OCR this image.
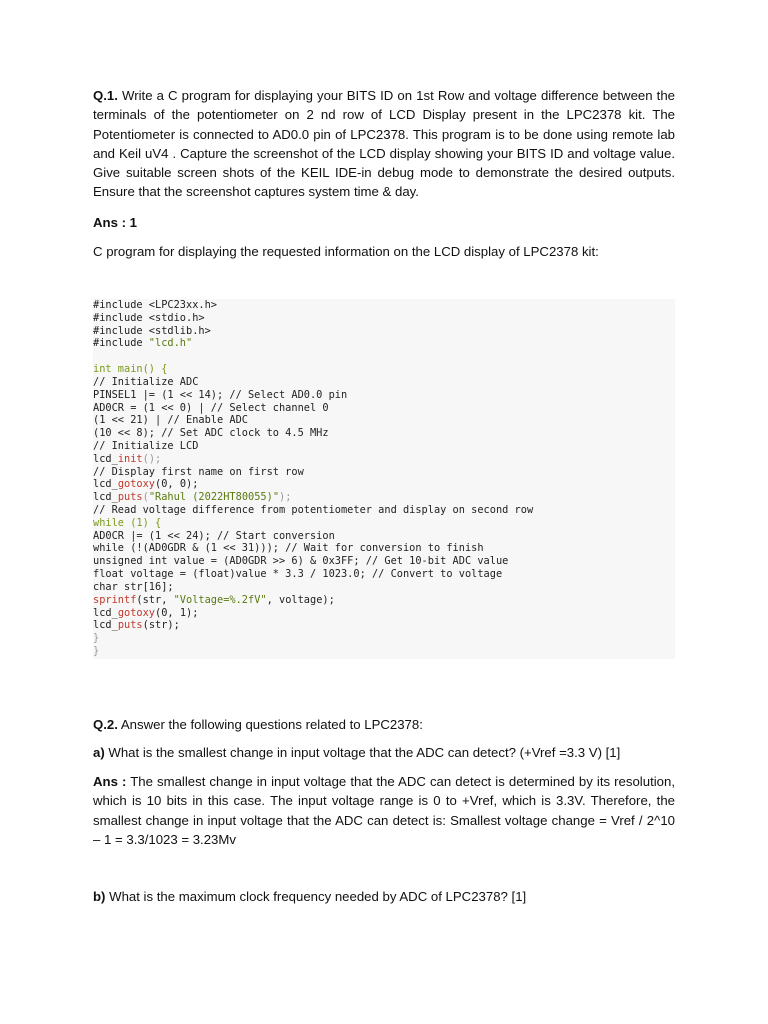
Q.1. Write a C program for displaying your BITS ID on 1st Row and voltage difference between the terminals of the potentiometer on 2 nd row of LCD Display present in the LPC2378 kit. The Potentiometer is connected to AD0.0 pin of LPC2378. This program is to be done using remote lab and Keil uV4 . Capture the screenshot of the LCD display showing your BITS ID and voltage value. Give suitable screen shots of the KEIL IDE-in debug mode to demonstrate the desired outputs. Ensure that the screenshot captures system time & day.

Ans : 1

C program for displaying the requested information on the LCD display of LPC2378 kit:

#include <LPC23xx.h>
#include <stdio.h>
#include <stdlib.h>
#include "lcd.h"
int main() {
// Initialize ADC
PINSEL1 |= (1 << 14); // Select AD0.0 pin
AD0CR = (1 << 0) | // Select channel 0
(1 << 21) | // Enable ADC
(10 << 8); // Set ADC clock to 4.5 MHz
// Initialize LCD
lcd_init();
// Display first name on first row
lcd_gotoxy(0, 0);
lcd_puts("Rahul (2022HT80055)");
// Read voltage difference from potentiometer and display on second row
while (1) {
AD0CR |= (1 << 24); // Start conversion
while (!(AD0GDR & (1 << 31))); // Wait for conversion to finish
unsigned int value = (AD0GDR >> 6) & 0x3FF; // Get 10-bit ADC value
float voltage = (float)value * 3.3 / 1023.0; // Convert to voltage
char str[16];
sprintf(str, "Voltage=%.2fV", voltage);
lcd_gotoxy(0, 1);
lcd_puts(str);
}
}

Q.2. Answer the following questions related to LPC2378:

a) What is the smallest change in input voltage that the ADC can detect? (+Vref =3.3 V) [1]

Ans : The smallest change in input voltage that the ADC can detect is determined by its resolution, which is 10 bits in this case. The input voltage range is 0 to +Vref, which is 3.3V. Therefore, the smallest change in input voltage that the ADC can detect is: Smallest voltage change = Vref / 2^10 – 1 = 3.3/1023 = 3.23Mv

b) What is the maximum clock frequency needed by ADC of LPC2378? [1]
